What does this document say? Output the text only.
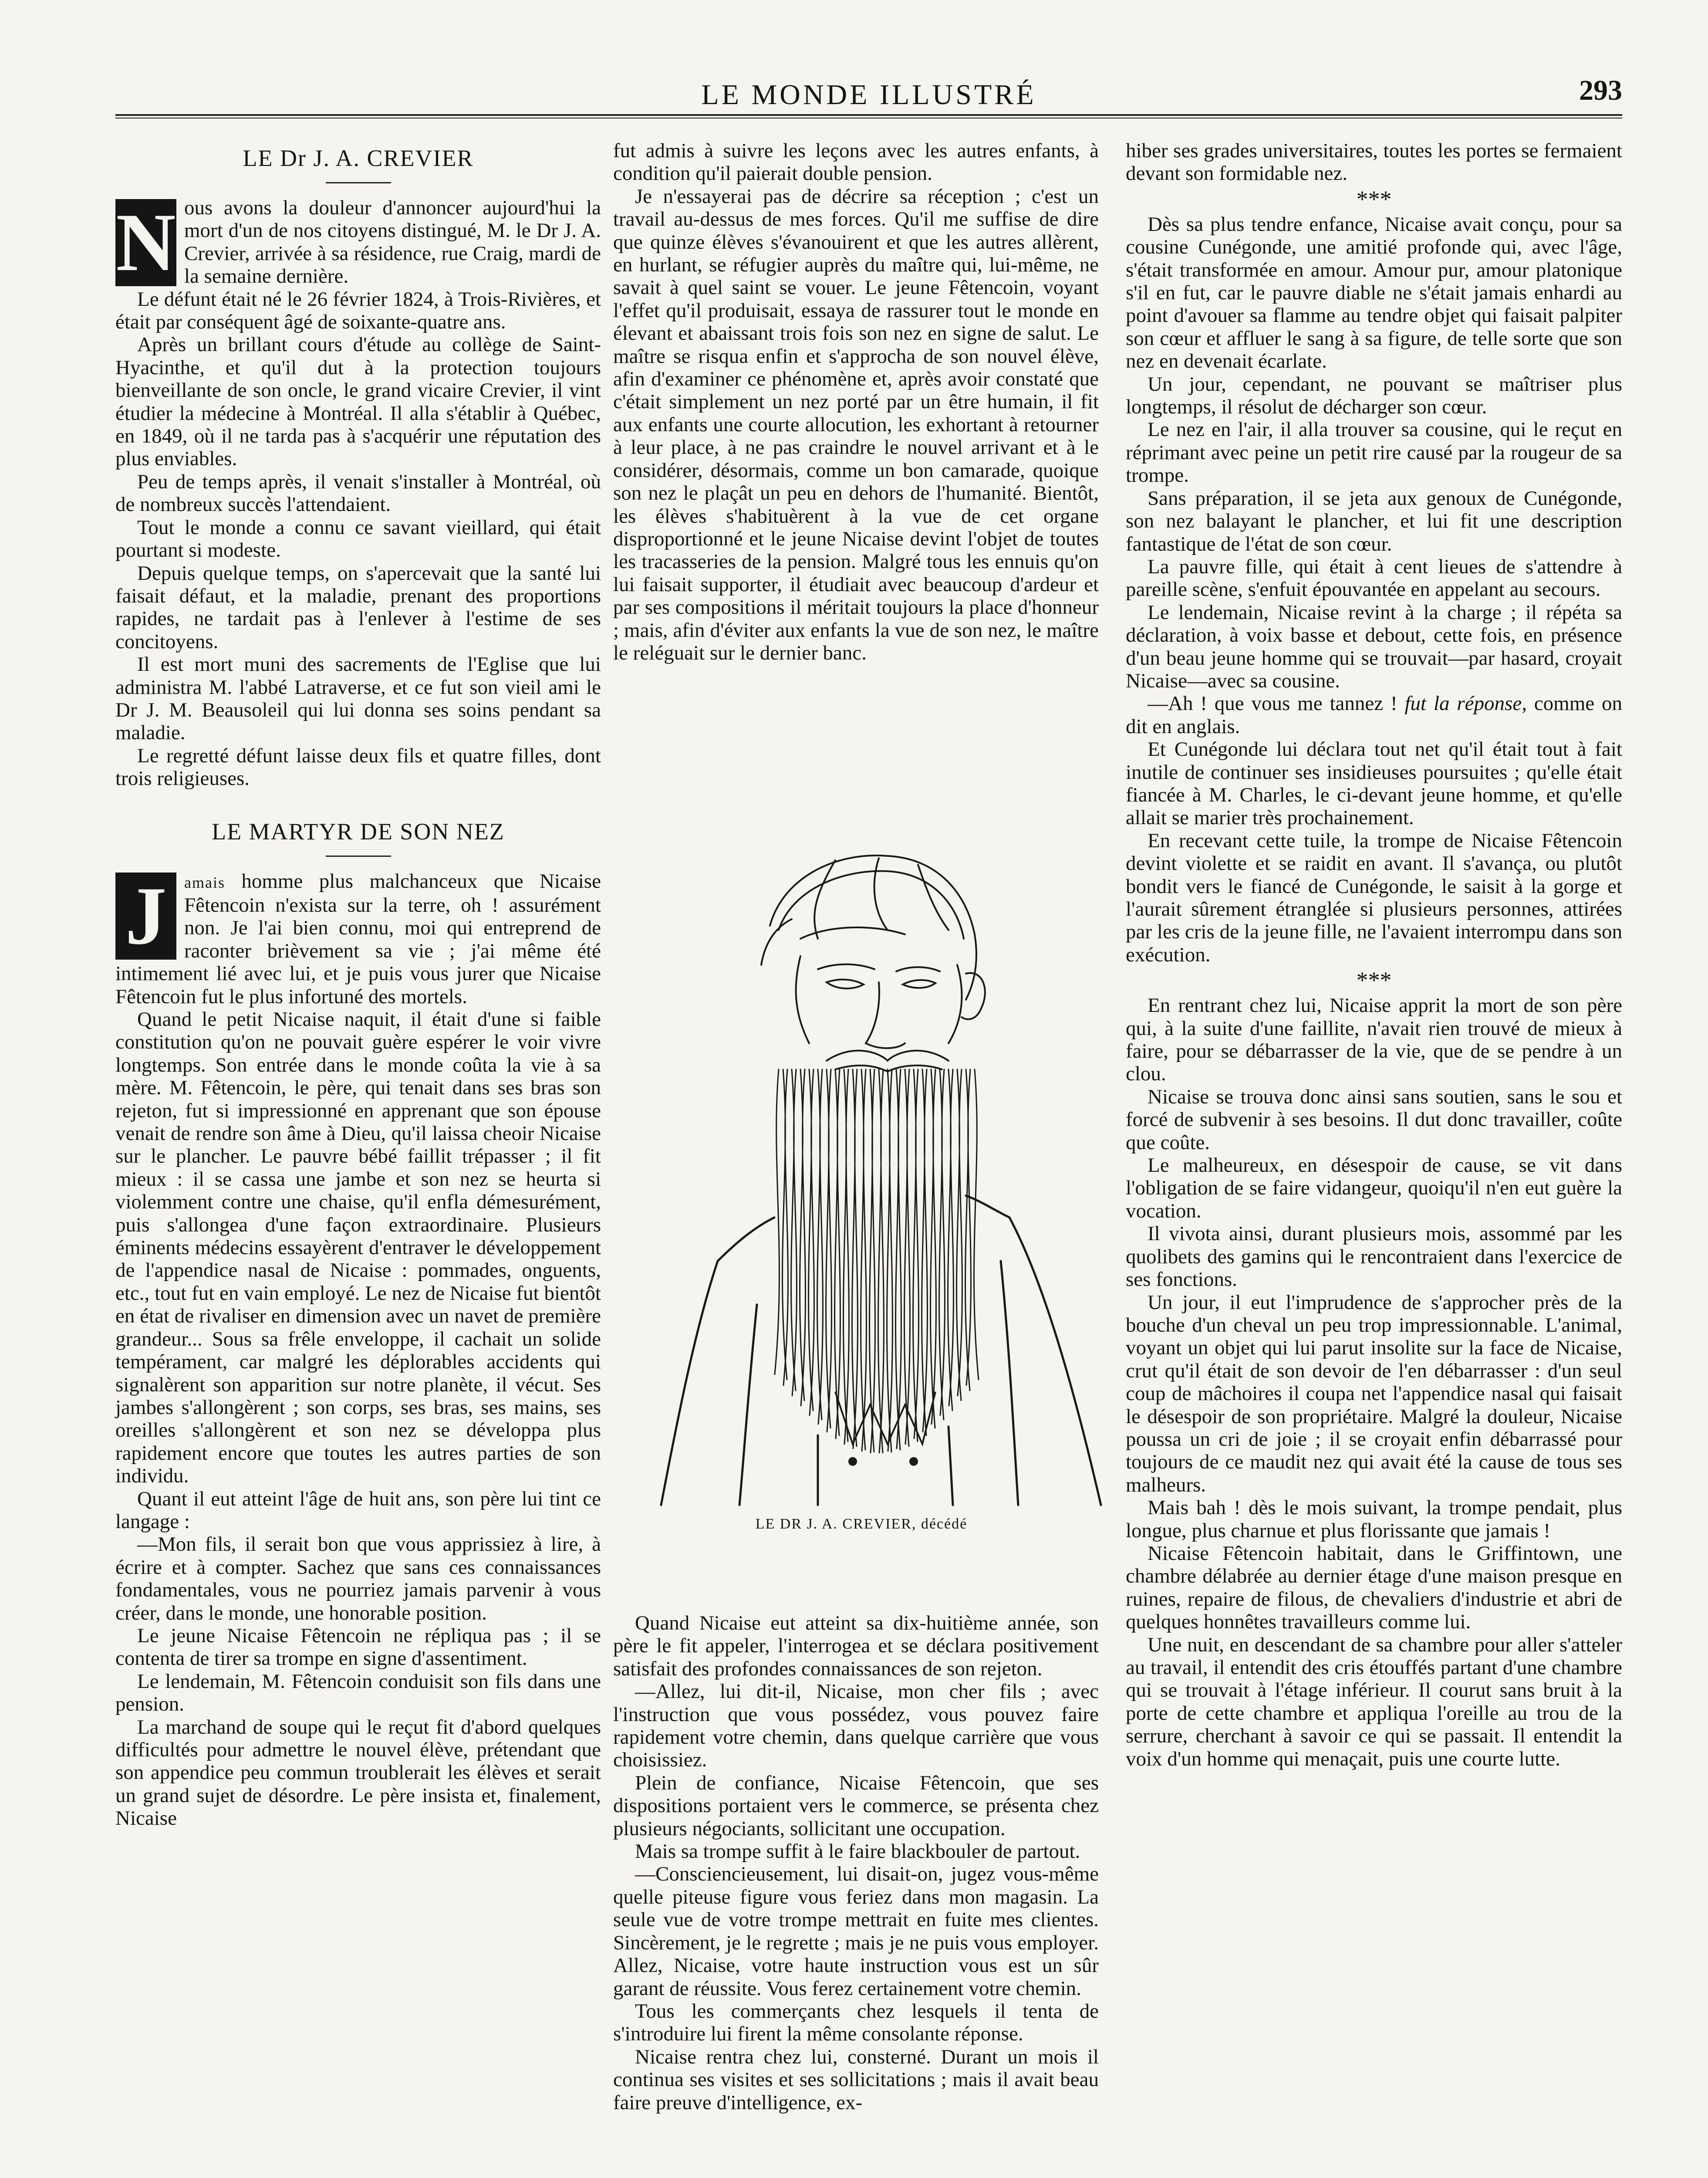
LE MONDE ILLUSTRÉ	293
LE Dr J. A. CREVIER

N ous avons la douleur d'annoncer aujourd'hui la mort d'un de nos citoyens distingué, M. le Dr J. A. Crevier, arrivée à sa résidence, rue Craig, mardi de la semaine dernière.

Le défunt était né le 26 février 1824, à Trois-Rivières, et était par conséquent âgé de soixante-quatre ans.

Après un brillant cours d'étude au collège de Saint-Hyacinthe, et qu'il dut à la protection toujours bienveillante de son oncle, le grand vicaire Crevier, il vint étudier la médecine à Montréal. Il alla s'établir à Québec, en 1849, où il ne tarda pas à s'acquérir une réputation des plus enviables.

Peu de temps après, il venait s'installer à Montréal, où de nombreux succès l'attendaient.

Tout le monde a connu ce savant vieillard, qui était pourtant si modeste.

Depuis quelque temps, on s'apercevait que la santé lui faisait défaut, et la maladie, prenant des proportions rapides, ne tardait pas à l'enlever à l'estime de ses concitoyens.

Il est mort muni des sacrements de l'Eglise que lui administra M. l'abbé Latraverse, et ce fut son vieil ami le Dr J. M. Beausoleil qui lui donna ses soins pendant sa maladie.

Le regretté défunt laisse deux fils et quatre filles, dont trois religieuses.

LE MARTYR DE SON NEZ

J	amais homme plus malchanceux que Nicaise Fêtencoin n'exista sur la terre, oh ! assurément non. Je l'ai bien connu, moi qui entreprend de raconter brièvement sa vie ; j'ai même été intimement lié avec lui, et je puis vous jurer que Nicaise Fêtencoin fut le plus infortuné des mortels.

Quand le petit Nicaise naquit, il était d'une si faible constitution qu'on ne pouvait guère espérer le voir vivre longtemps. Son entrée dans le monde coûta la vie à sa mère. M. Fêtencoin, le père, qui tenait dans ses bras son rejeton, fut si impressionné en apprenant que son épouse venait de rendre son âme à Dieu, qu'il laissa cheoir Nicaise sur le plancher. Le pauvre bébé faillit trépasser ; il fit mieux : il se cassa une jambe et son nez se heurta si violemment contre une chaise, qu'il enfla démesurément, puis s'allongea d'une façon extraordinaire. Plusieurs éminents médecins essayèrent d'entraver le développement de l'appendice nasal de Nicaise : pommades, onguents, etc., tout fut en vain employé. Le nez de Nicaise fut bientôt en état de rivaliser en dimension avec un navet de première grandeur... Sous sa frêle enveloppe, il cachait un solide tempérament, car malgré les déplorables accidents qui signalèrent son apparition sur notre planète, il vécut. Ses jambes s'allongèrent ; son corps, ses bras, ses mains, ses oreilles s'allongèrent et son nez se développa plus rapidement encore que toutes les autres parties de son individu.

Quant il eut atteint l'âge de huit ans, son père lui tint ce langage :

—Mon fils, il serait bon que vous apprissiez à lire, à écrire et à compter. Sachez que sans ces connaissances fondamentales, vous ne pourriez jamais parvenir à vous créer, dans le monde, une honorable position.

Le jeune Nicaise Fêtencoin ne répliqua pas ; il se contenta de tirer sa trompe en signe d'assentiment.

Le lendemain, M. Fêtencoin conduisit son fils dans une pension.

La marchand de soupe qui le reçut fit d'abord quelques difficultés pour admettre le nouvel élève, prétendant que son appendice peu commun troublerait les élèves et serait un grand sujet de désordre. Le père insista et, finalement, Nicaise

fut admis à suivre les leçons avec les autres enfants, à condition qu'il paierait double pension.

Je n'essayerai pas de décrire sa réception ; c'est un travail au-dessus de mes forces. Qu'il me suffise de dire que quinze élèves s'évanouirent et que les autres allèrent, en hurlant, se réfugier auprès du maître qui, lui-même, ne savait à quel saint se vouer. Le jeune Fêtencoin, voyant l'effet qu'il produisait, essaya de rassurer tout le monde en élevant et abaissant trois fois son nez en signe de salut. Le maître se risqua enfin et s'approcha de son nouvel élève, afin d'examiner ce phénomène et, après avoir constaté que c'était simplement un nez porté par un être humain, il fit aux enfants une courte allocution, les exhortant à retourner à leur place, à ne pas craindre le nouvel arrivant et à le considérer, désormais, comme un bon camarade, quoique son nez le plaçât un peu en dehors de l'humanité. Bientôt, les élèves s'habituèrent à la vue de cet organe disproportionné et le jeune Nicaise devint l'objet de toutes les tracasseries de la pension. Malgré tous les ennuis qu'on lui faisait supporter, il étudiait avec beaucoup d'ardeur et par ses compositions il méritait toujours la place d'honneur ; mais, afin d'éviter aux enfants la vue de son nez, le maître le reléguait sur le dernier banc.

LE DR J. A. CREVIER, décédé

Quand Nicaise eut atteint sa dix-huitième année, son père le fit appeler, l'interrogea et se déclara positivement satisfait des profondes connaissances de son rejeton.

—Allez, lui dit-il, Nicaise, mon cher fils ; avec l'instruction que vous possédez, vous pouvez faire rapidement votre chemin, dans quelque carrière que vous choisissiez.

Plein de confiance, Nicaise Fêtencoin, que ses dispositions portaient vers le commerce, se présenta chez plusieurs négociants, sollicitant une occupation.

Mais sa trompe suffit à le faire blackbouler de partout.

—Consciencieusement, lui disait-on, jugez vous-même quelle piteuse figure vous feriez dans mon magasin. La seule vue de votre trompe mettrait en fuite mes clientes. Sincèrement, je le regrette ; mais je ne puis vous employer. Allez, Nicaise, votre haute instruction vous est un sûr garant de réussite. Vous ferez certainement votre chemin.

Tous les commerçants chez lesquels il tenta de s'introduire lui firent la même consolante réponse.

Nicaise rentra chez lui, consterné. Durant un mois il continua ses visites et ses sollicitations ; mais il avait beau faire preuve d'intelligence, ex-

hiber ses grades universitaires, toutes les portes se fermaient devant son formidable nez.

***

Dès sa plus tendre enfance, Nicaise avait conçu, pour sa cousine Cunégonde, une amitié profonde qui, avec l'âge, s'était transformée en amour. Amour pur, amour platonique s'il en fut, car le pauvre diable ne s'était jamais enhardi au point d'avouer sa flamme au tendre objet qui faisait palpiter son cœur et affluer le sang à sa figure, de telle sorte que son nez en devenait écarlate.

Un jour, cependant, ne pouvant se maîtriser plus longtemps, il résolut de décharger son cœur.

Le nez en l'air, il alla trouver sa cousine, qui le reçut en réprimant avec peine un petit rire causé par la rougeur de sa trompe.

Sans préparation, il se jeta aux genoux de Cunégonde, son nez balayant le plancher, et lui fit une description fantastique de l'état de son cœur.

La pauvre fille, qui était à cent lieues de s'attendre à pareille scène, s'enfuit épouvantée en appelant au secours.

Le lendemain, Nicaise revint à la charge ; il répéta sa déclaration, à voix basse et debout, cette fois, en présence d'un beau jeune homme qui se trouvait—par hasard, croyait Nicaise—avec sa cousine.

—Ah ! que vous me tannez ! fut la réponse, comme on dit en anglais.

Et Cunégonde lui déclara tout net qu'il était tout à fait inutile de continuer ses insidieuses poursuites ; qu'elle était fiancée à M. Charles, le ci-devant jeune homme, et qu'elle allait se marier très prochainement.

En recevant cette tuile, la trompe de Nicaise Fêtencoin devint violette et se raidit en avant. Il s'avança, ou plutôt bondit vers le fiancé de Cunégonde, le saisit à la gorge et l'aurait sûrement étranglée si plusieurs personnes, attirées par les cris de la jeune fille, ne l'avaient interrompu dans son exécution.

***

En rentrant chez lui, Nicaise apprit la mort de son père qui, à la suite d'une faillite, n'avait rien trouvé de mieux à faire, pour se débarrasser de la vie, que de se pendre à un clou.

Nicaise se trouva donc ainsi sans soutien, sans le sou et forcé de subvenir à ses besoins. Il dut donc travailler, coûte que coûte.

Le malheureux, en désespoir de cause, se vit dans l'obligation de se faire vidangeur, quoiqu'il n'en eut guère la vocation.

Il vivota ainsi, durant plusieurs mois, assommé par les quolibets des gamins qui le rencontraient dans l'exercice de ses fonctions.

Un jour, il eut l'imprudence de s'approcher près de la bouche d'un cheval un peu trop impressionnable. L'animal, voyant un objet qui lui parut insolite sur la face de Nicaise, crut qu'il était de son devoir de l'en débarrasser : d'un seul coup de mâchoires il coupa net l'appendice nasal qui faisait le désespoir de son propriétaire. Malgré la douleur, Nicaise poussa un cri de joie ; il se croyait enfin débarrassé pour toujours de ce maudit nez qui avait été la cause de tous ses malheurs.

Mais bah ! dès le mois suivant, la trompe pendait, plus longue, plus charnue et plus florissante que jamais !

Nicaise Fêtencoin habitait, dans le Griffintown, une chambre délabrée au dernier étage d'une maison presque en ruines, repaire de filous, de chevaliers d'industrie et abri de quelques honnêtes travailleurs comme lui.

Une nuit, en descendant de sa chambre pour aller s'atteler au travail, il entendit des cris étouffés partant d'une chambre qui se trouvait à l'étage inférieur. Il courut sans bruit à la porte de cette chambre et appliqua l'oreille au trou de la serrure, cherchant à savoir ce qui se passait. Il entendit la voix d'un homme qui menaçait, puis une courte lutte.
